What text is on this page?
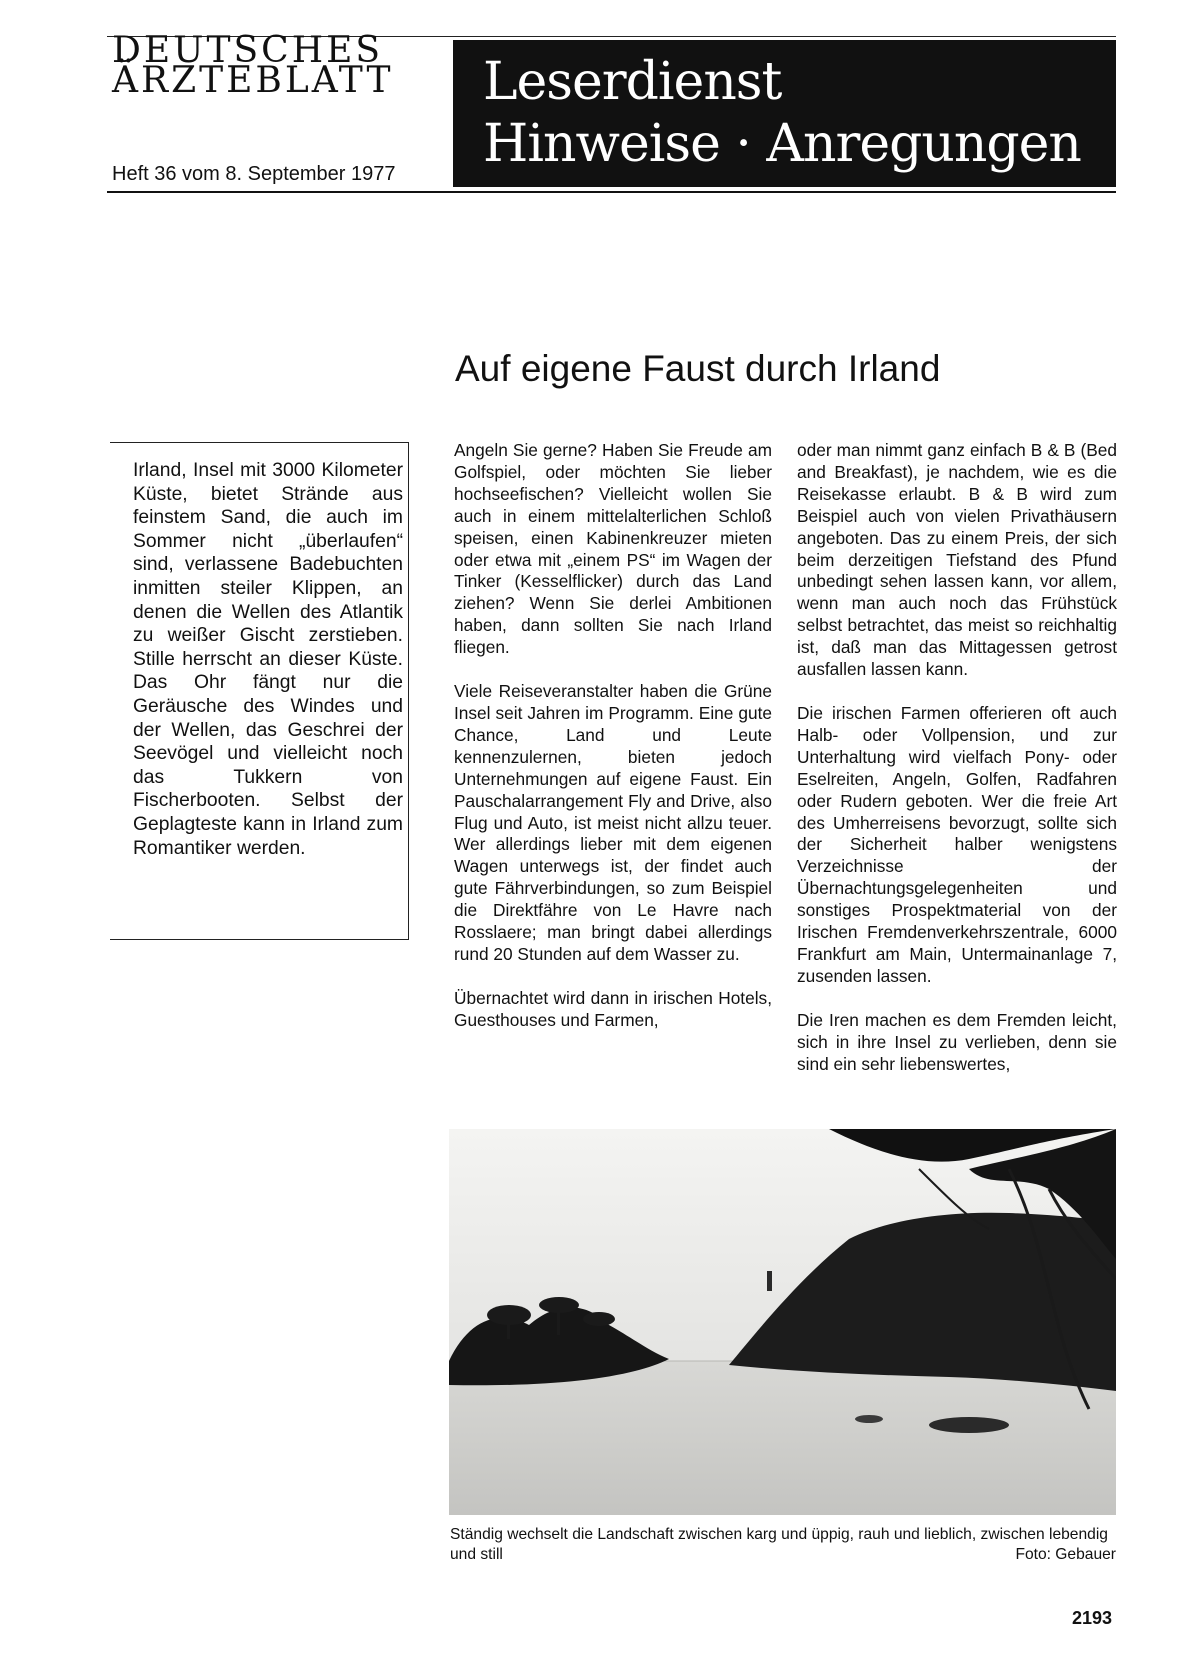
DEUTSCHES
ÄRZTEBLATT
Heft 36 vom 8. September 1977
Leserdienst
Hinweise · Anregungen
Auf eigene Faust durch Irland
Irland, Insel mit 3000 Kilometer Küste, bietet Strände aus feinstem Sand, die auch im Sommer nicht „überlaufen“ sind, verlassene Badebuchten inmitten steiler Klippen, an denen die Wellen des Atlantik zu weißer Gischt zerstieben. Stille herrscht an dieser Küste. Das Ohr fängt nur die Geräusche des Windes und der Wellen, das Geschrei der Seevögel und vielleicht noch das Tukkern von Fischerbooten. Selbst der Geplagteste kann in Irland zum Romantiker werden.

Angeln Sie gerne? Haben Sie Freude am Golfspiel, oder möchten Sie lieber hochseefischen? Vielleicht wollen Sie auch in einem mittelalterlichen Schloß speisen, einen Kabinenkreuzer mieten oder etwa mit „einem PS“ im Wagen der Tinker (Kesselflicker) durch das Land ziehen? Wenn Sie derlei Ambitionen haben, dann sollten Sie nach Irland fliegen.

Viele Reiseveranstalter haben die Grüne Insel seit Jahren im Programm. Eine gute Chance, Land und Leute kennenzulernen, bieten jedoch Unternehmungen auf eigene Faust. Ein Pauschalarrangement Fly and Drive, also Flug und Auto, ist meist nicht allzu teuer. Wer allerdings lieber mit dem eigenen Wagen unterwegs ist, der findet auch gute Fährverbindungen, so zum Beispiel die Direktfähre von Le Havre nach Rosslaere; man bringt dabei allerdings rund 20 Stunden auf dem Wasser zu.

Übernachtet wird dann in irischen Hotels, Guesthouses und Farmen,

oder man nimmt ganz einfach B & B (Bed and Breakfast), je nachdem, wie es die Reisekasse erlaubt. B & B wird zum Beispiel auch von vielen Privathäusern angeboten. Das zu einem Preis, der sich beim derzeitigen Tiefstand des Pfund unbedingt sehen lassen kann, vor allem, wenn man auch noch das Frühstück selbst betrachtet, das meist so reichhaltig ist, daß man das Mittagessen getrost ausfallen lassen kann.

Die irischen Farmen offerieren oft auch Halb- oder Vollpension, und zur Unterhaltung wird vielfach Pony- oder Eselreiten, Angeln, Golfen, Radfahren oder Rudern geboten. Wer die freie Art des Umherreisens bevorzugt, sollte sich der Sicherheit halber wenigstens Verzeichnisse der Übernachtungsgelegenheiten und sonstiges Prospektmaterial von der Irischen Fremdenverkehrszentrale, 6000 Frankfurt am Main, Untermainanlage 7, zusenden lassen.

Die Iren machen es dem Fremden leicht, sich in ihre Insel zu verlieben, denn sie sind ein sehr liebenswertes,

Ständig wechselt die Landschaft zwischen karg und üppig, rauh und lieblich, zwischen lebendig und still	Foto: Gebauer
2193
